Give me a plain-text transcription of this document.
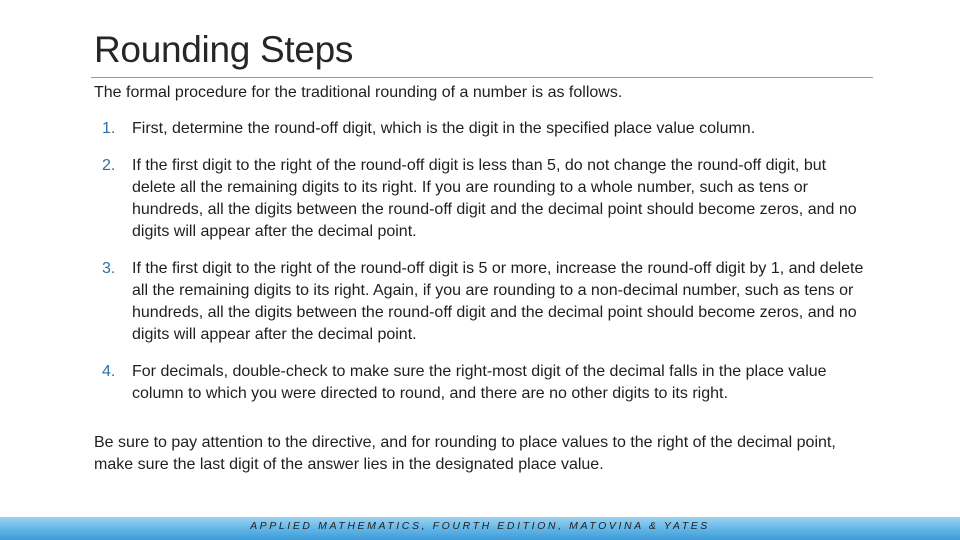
Rounding Steps

The formal procedure for the traditional rounding of a number is as follows.

1. First, determine the round-off digit, which is the digit in the specified place value column.
2. If the first digit to the right of the round-off digit is less than 5, do not change the round-off digit, but delete all the remaining digits to its right. If you are rounding to a whole number, such as tens or hundreds, all the digits between the round-off digit and the decimal point should become zeros, and no digits will appear after the decimal point.
3. If the first digit to the right of the round-off digit is 5 or more, increase the round-off digit by 1, and delete all the remaining digits to its right. Again, if you are rounding to a non-decimal number, such as tens or hundreds, all the digits between the round-off digit and the decimal point should become zeros, and no digits will appear after the decimal point.
4. For decimals, double-check to make sure the right-most digit of the decimal falls in the place value column to which you were directed to round, and there are no other digits to its right.

Be sure to pay attention to the directive, and for rounding to place values to the right of the decimal point, make sure the last digit of the answer lies in the designated place value.

APPLIED MATHEMATICS, FOURTH EDITION, MATOVINA & YATES
